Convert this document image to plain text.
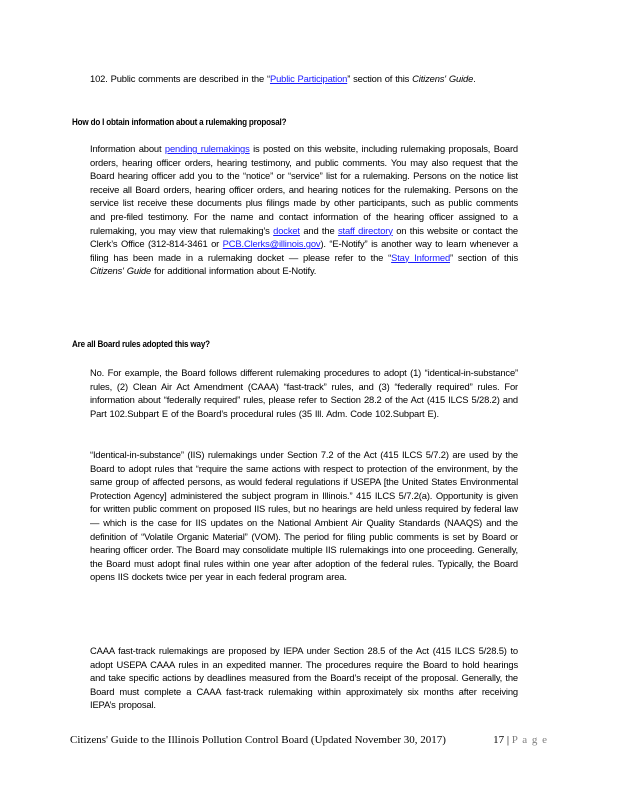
102. Public comments are described in the “Public Participation” section of this Citizens' Guide.
How do I obtain information about a rulemaking proposal?
Information about pending rulemakings is posted on this website, including rulemaking proposals, Board orders, hearing officer orders, hearing testimony, and public comments. You may also request that the Board hearing officer add you to the “notice” or “service” list for a rulemaking. Persons on the notice list receive all Board orders, hearing officer orders, and hearing notices for the rulemaking. Persons on the service list receive these documents plus filings made by other participants, such as public comments and pre-filed testimony. For the name and contact information of the hearing officer assigned to a rulemaking, you may view that rulemaking’s docket and the staff directory on this website or contact the Clerk’s Office (312-814-3461 or PCB.Clerks@illinois.gov). “E-Notify” is another way to learn whenever a filing has been made in a rulemaking docket — please refer to the “Stay Informed” section of this Citizens' Guide for additional information about E-Notify.
Are all Board rules adopted this way?
No. For example, the Board follows different rulemaking procedures to adopt (1) “identical-in-substance” rules, (2) Clean Air Act Amendment (CAAA) “fast-track” rules, and (3) “federally required” rules. For information about “federally required” rules, please refer to Section 28.2 of the Act (415 ILCS 5/28.2) and Part 102.Subpart E of the Board’s procedural rules (35 Ill. Adm. Code 102.Subpart E).
“Identical-in-substance” (IIS) rulemakings under Section 7.2 of the Act (415 ILCS 5/7.2) are used by the Board to adopt rules that “require the same actions with respect to protection of the environment, by the same group of affected persons, as would federal regulations if USEPA [the United States Environmental Protection Agency] administered the subject program in Illinois.” 415 ILCS 5/7.2(a). Opportunity is given for written public comment on proposed IIS rules, but no hearings are held unless required by federal law — which is the case for IIS updates on the National Ambient Air Quality Standards (NAAQS) and the definition of “Volatile Organic Material” (VOM). The period for filing public comments is set by Board or hearing officer order. The Board may consolidate multiple IIS rulemakings into one proceeding. Generally, the Board must adopt final rules within one year after adoption of the federal rules. Typically, the Board opens IIS dockets twice per year in each federal program area.
CAAA fast-track rulemakings are proposed by IEPA under Section 28.5 of the Act (415 ILCS 5/28.5) to adopt USEPA CAAA rules in an expedited manner. The procedures require the Board to hold hearings and take specific actions by deadlines measured from the Board’s receipt of the proposal. Generally, the Board must complete a CAAA fast-track rulemaking within approximately six months after receiving IEPA’s proposal.
Citizens' Guide to the Illinois Pollution Control Board (Updated November 30, 2017)	17 | P a g e
